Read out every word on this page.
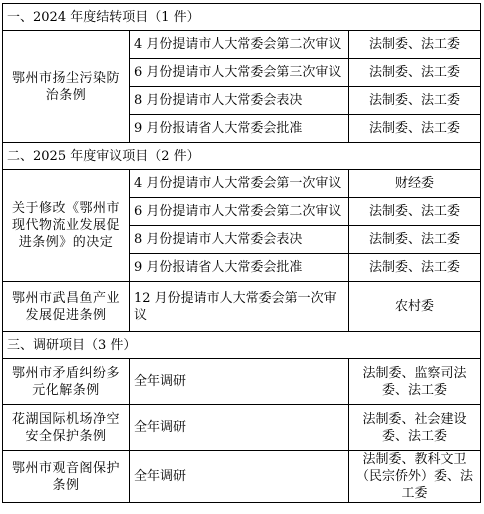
一、2024 年度结转项目（1 件）		
鄂州市扬尘污染防治条例	4 月份提请市人大常委会第二次审议	法制委、法工委
	6 月份提请市人大常委会第三次审议	法制委、法工委
	8 月份提请市人大常委会表决	法制委、法工委
	9 月份报请省人大常委会批准	法制委、法工委
二、2025 年度审议项目（2 件）		
关于修改《鄂州市现代物流业发展促进条例》的决定	4 月份提请市人大常委会第一次审议	财经委
	6 月份提请市人大常委会第二次审议	法制委、法工委
	8 月份提请市人大常委会表决	法制委、法工委
	9 月份报请省人大常委会批准	法制委、法工委
鄂州市武昌鱼产业发展促进条例	12 月份提请市人大常委会第一次审议	农村委
三、调研项目（3 件）		
鄂州市矛盾纠纷多元化解条例	全年调研	法制委、监察司法委、法工委
花湖国际机场净空安全保护条例	全年调研	法制委、社会建设委、法工委
鄂州市观音阁保护条例	全年调研	法制委、教科文卫（民宗侨外）委、法工委
